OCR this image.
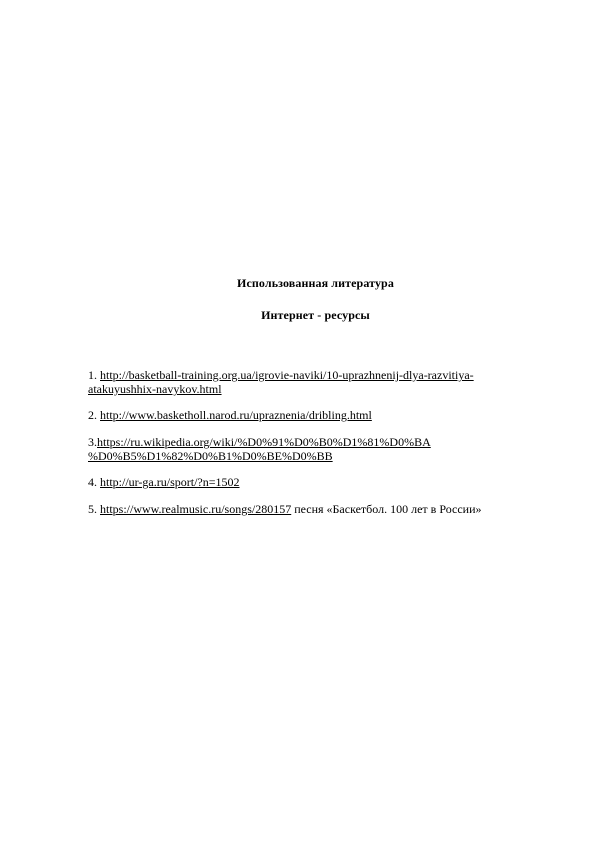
Использованная литература
Интернет - ресурсы
1. http://basketball-training.org.ua/igrovie-naviki/10-uprazhnenij-dlya-razvitiya-
atakuyushhix-navykov.html
2. http://www.basketholl.narod.ru/upraznenia/dribling.html
3.https://ru.wikipedia.org/wiki/%D0%91%D0%B0%D1%81%D0%BA
%D0%B5%D1%82%D0%B1%D0%BE%D0%BB
4. http://ur-ga.ru/sport/?n=1502
5. https://www.realmusic.ru/songs/280157 песня «Баскетбол. 100 лет в России»
